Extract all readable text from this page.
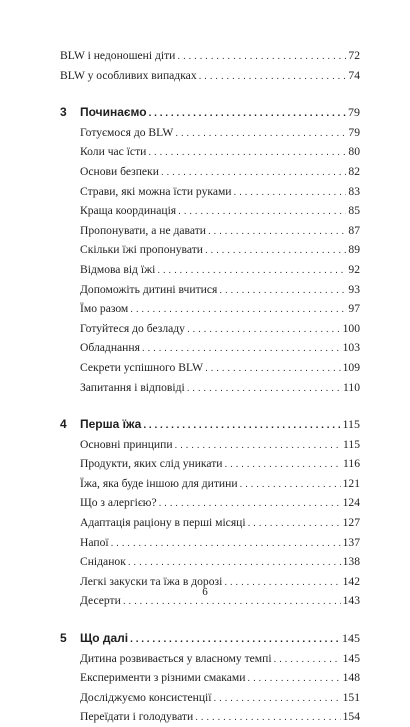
BLW і недоношені діти . . .	72
BLW у особливих випадках . . .	74
3	Починаємо . . .	79
Готуємося до BLW . . .	79
Коли час їсти . . .	80
Основи безпеки . . .	82
Страви, які можна їсти руками . . .	83
Краща координація . . .	85
Пропонувати, а не давати . . .	87
Скільки їжі пропонувати . . .	89
Відмова від їжі . . .	92
Допоможіть дитині вчитися . . .	93
Їмо разом . . .	97
Готуйтеся до безладу . . .	100
Обладнання . . .	103
Секрети успішного BLW . . .	109
Запитання і відповіді . . .	110
4	Перша їжа . . .	115
Основні принципи . . .	115
Продукти, яких слід уникати . . .	116
Їжа, яка буде іншою для дитини . . .	121
Що з алергією? . . .	124
Адаптація раціону в перші місяці . . .	127
Напої . . .	137
Сніданок . . .	138
Легкі закуски та їжа в дорозі . . .	142
Десерти . . .	143
5	Що далі . . .	145
Дитина розвивається у власному темпі . . .	145
Експерименти з різними смаками . . .	148
Досліджуємо консистенції . . .	151
Переїдати і голодувати . . .	154
6
